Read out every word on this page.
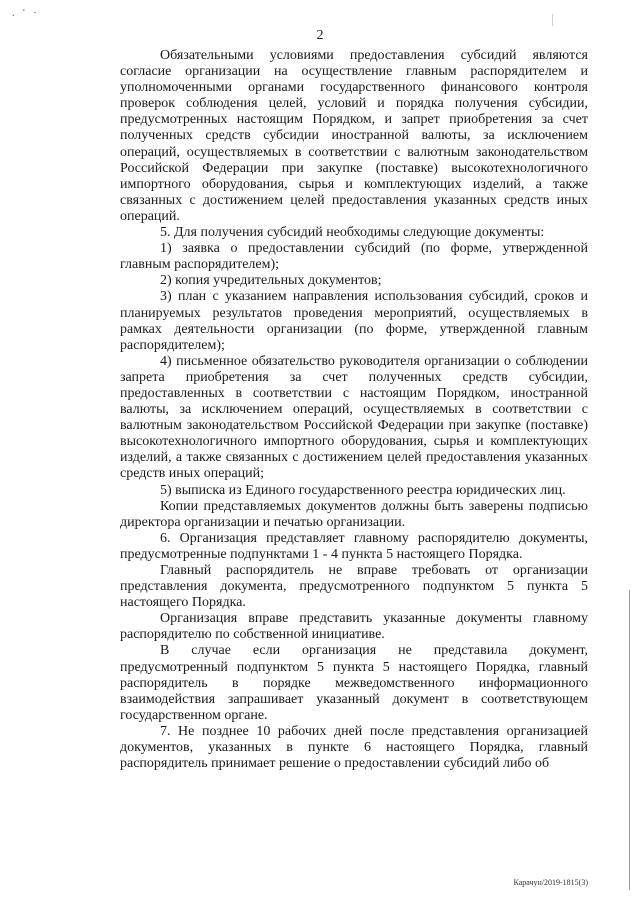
. ' ·
2

Обязательными условиями предоставления субсидий являются согласие организации на осуществление главным распорядителем и уполномоченными органами государственного финансового контроля проверок соблюдения целей, условий и порядка получения субсидии, предусмотренных настоящим Порядком, и запрет приобретения за счет полученных средств субсидии иностранной валюты, за исключением операций, осуществляемых в соответствии с валютным законодательством Российской Федерации при закупке (поставке) высокотехнологичного импортного оборудования, сырья и комплектующих изделий, а также связанных с достижением целей предоставления указанных средств иных операций.

5. Для получения субсидий необходимы следующие документы:

1) заявка о предоставлении субсидий (по форме, утвержденной главным распорядителем);

2) копия учредительных документов;

3) план с указанием направления использования субсидий, сроков и планируемых результатов проведения мероприятий, осуществляемых в рамках деятельности организации (по форме, утвержденной главным распорядителем);

4) письменное обязательство руководителя организации о соблюдении запрета приобретения за счет полученных средств субсидии, предоставленных в соответствии с настоящим Порядком, иностранной валюты, за исключением операций, осуществляемых в соответствии с валютным законодательством Российской Федерации при закупке (поставке) высокотехнологичного импортного оборудования, сырья и комплектующих изделий, а также связанных с достижением целей предоставления указанных средств иных операций;

5) выписка из Единого государственного реестра юридических лиц.

Копии представляемых документов должны быть заверены подписью директора организации и печатью организации.

6. Организация представляет главному распорядителю документы, предусмотренные подпунктами 1 - 4 пункта 5 настоящего Порядка.

Главный распорядитель не вправе требовать от организации представления документа, предусмотренного подпунктом 5 пункта 5 настоящего Порядка.

Организация вправе представить указанные документы главному распорядителю по собственной инициативе.

В случае если организация не представила документ, предусмотренный подпунктом 5 пункта 5 настоящего Порядка, главный распорядитель в порядке межведомственного информационного взаимодействия запрашивает указанный документ в соответствующем государственном органе.

7. Не позднее 10 рабочих дней после представления организацией документов, указанных в пункте 6 настоящего Порядка, главный распорядитель принимает решение о предоставлении субсидий либо об

Карачун/2019-1815(3)
